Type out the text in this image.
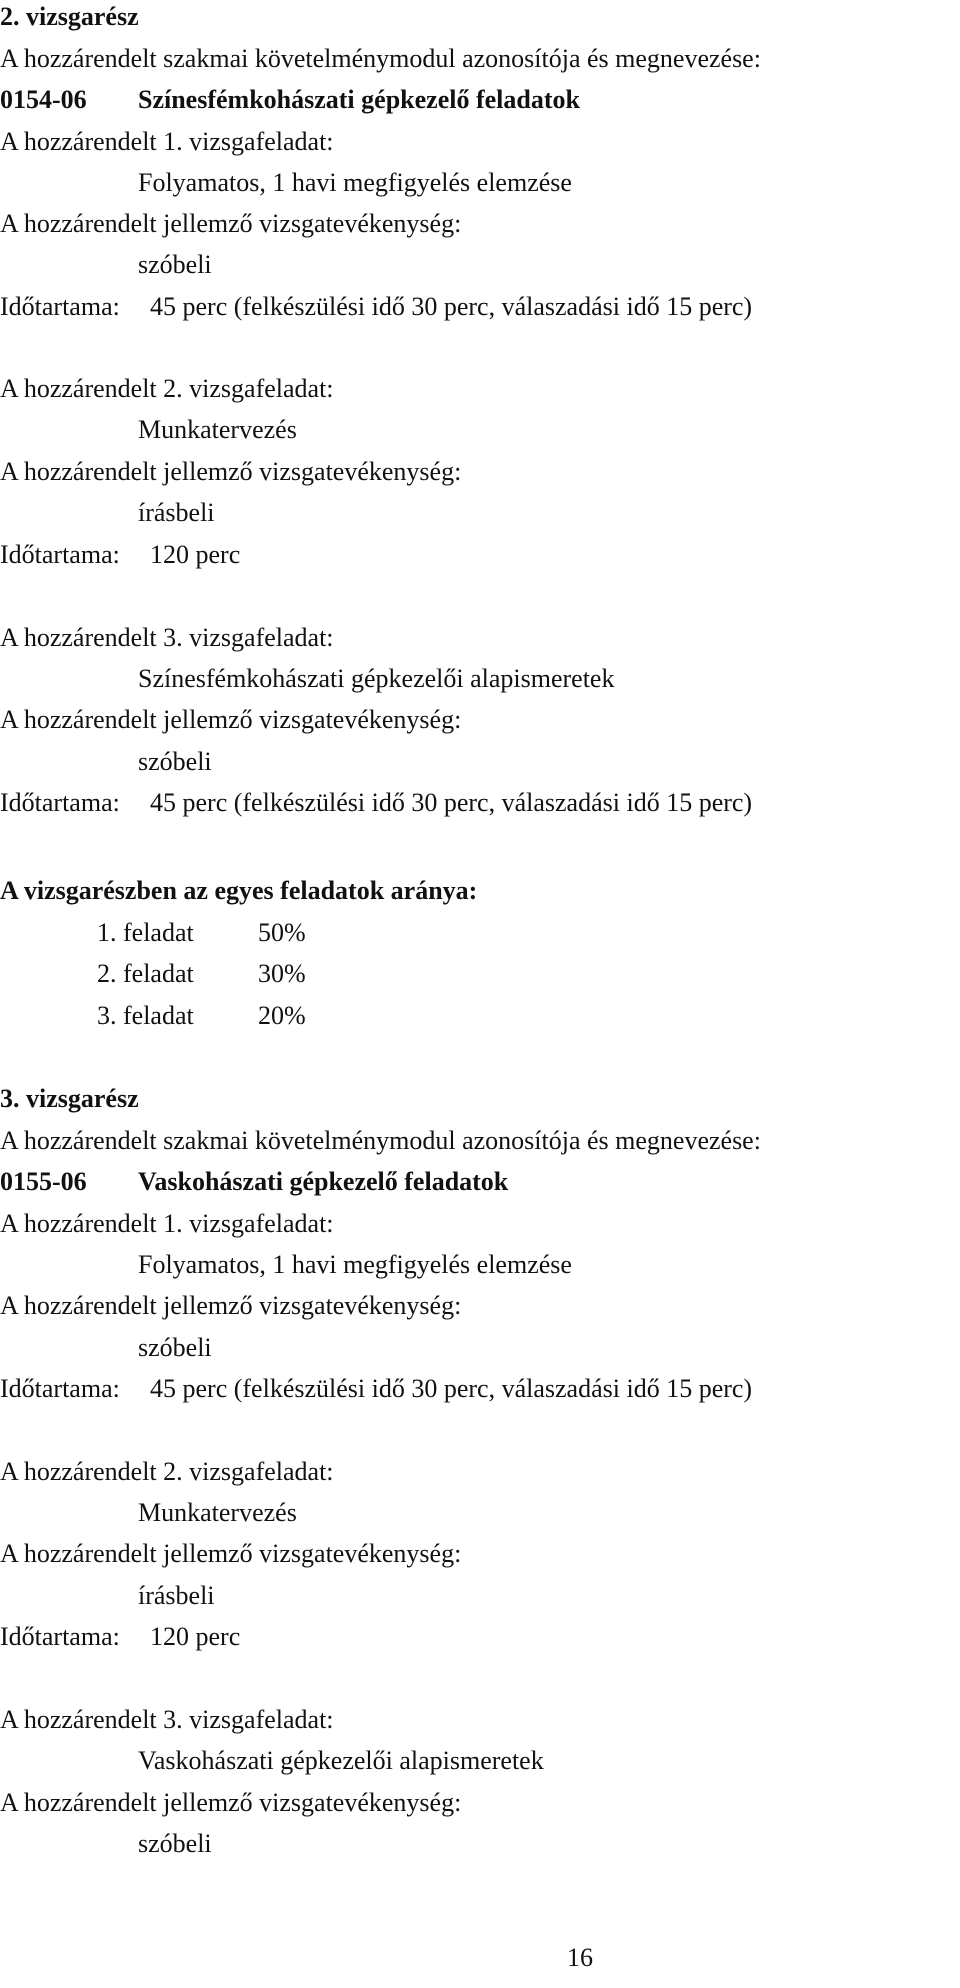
2. vizsgarész
A hozzárendelt szakmai követelménymodul azonosítója és megnevezése:
0154-06 Színesfémkohászati gépkezelő feladatok
A hozzárendelt 1. vizsgafeladat:
Folyamatos, 1 havi megfigyelés elemzése
A hozzárendelt jellemző vizsgatevékenység:
szóbeli
Időtartama: 45 perc (felkészülési idő 30 perc, válaszadási idő 15 perc)
A hozzárendelt 2. vizsgafeladat:
Munkatervezés
A hozzárendelt jellemző vizsgatevékenység:
írásbeli
Időtartama: 120 perc
A hozzárendelt 3. vizsgafeladat:
Színesfémkohászati gépkezelői alapismeretek
A hozzárendelt jellemző vizsgatevékenység:
szóbeli
Időtartama: 45 perc (felkészülési idő 30 perc, válaszadási idő 15 perc)
A vizsgarészben az egyes feladatok aránya:
1. feladat 50%
2. feladat 30%
3. feladat 20%
3. vizsgarész
A hozzárendelt szakmai követelménymodul azonosítója és megnevezése:
0155-06 Vaskohászati gépkezelő feladatok
A hozzárendelt 1. vizsgafeladat:
Folyamatos, 1 havi megfigyelés elemzése
A hozzárendelt jellemző vizsgatevékenység:
szóbeli
Időtartama: 45 perc (felkészülési idő 30 perc, válaszadási idő 15 perc)
A hozzárendelt 2. vizsgafeladat:
Munkatervezés
A hozzárendelt jellemző vizsgatevékenység:
írásbeli
Időtartama: 120 perc
A hozzárendelt 3. vizsgafeladat:
Vaskohászati gépkezelői alapismeretek
A hozzárendelt jellemző vizsgatevékenység:
szóbeli
16
